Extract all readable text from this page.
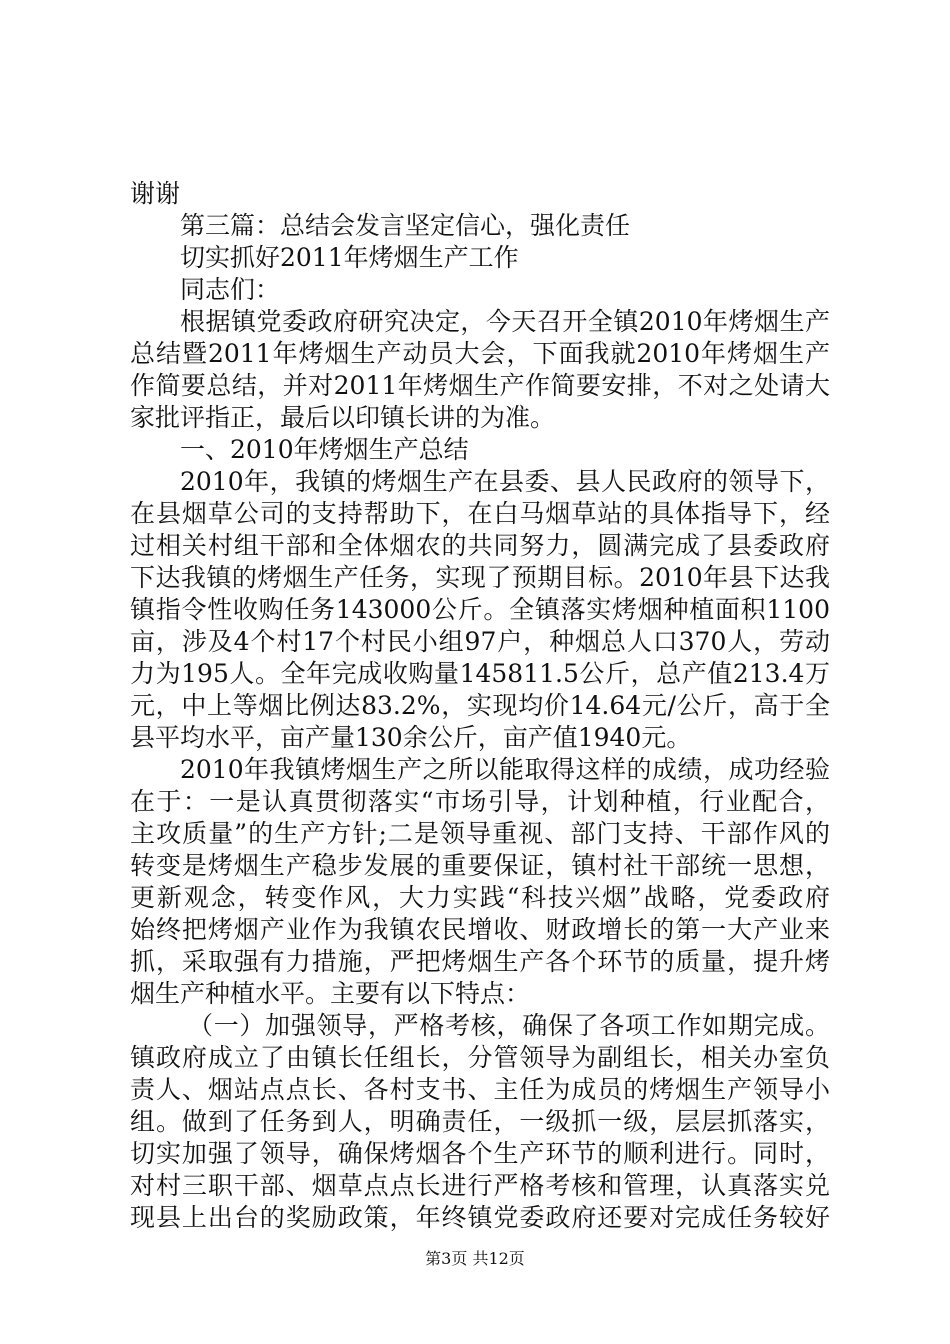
谢谢
第三篇：总结会发言坚定信心，强化责任
切实抓好2011年烤烟生产工作
同志们：
根据镇党委政府研究决定，今天召开全镇2010年烤烟生产
总结暨2011年烤烟生产动员大会，下面我就2010年烤烟生产
作简要总结，并对2011年烤烟生产作简要安排，不对之处请大
家批评指正，最后以印镇长讲的为准。
一、2010年烤烟生产总结
2010年，我镇的烤烟生产在县委、县人民政府的领导下，
在县烟草公司的支持帮助下，在白马烟草站的具体指导下，经
过相关村组干部和全体烟农的共同努力，圆满完成了县委政府
下达我镇的烤烟生产任务，实现了预期目标。2010年县下达我
镇指令性收购任务143000公斤。全镇落实烤烟种植面积1100
亩，涉及4个村17个村民小组97户，种烟总人口370人，劳动
力为195人。全年完成收购量145811.5公斤，总产值213.4万
元，中上等烟比例达83.2%，实现均价14.64元/公斤，高于全
县平均水平，亩产量130余公斤，亩产值1940元。
2010年我镇烤烟生产之所以能取得这样的成绩，成功经验
在于：一是认真贯彻落实“市场引导，计划种植，行业配合，
主攻质量”的生产方针;二是领导重视、部门支持、干部作风的
转变是烤烟生产稳步发展的重要保证，镇村社干部统一思想，
更新观念，转变作风，大力实践“科技兴烟”战略，党委政府
始终把烤烟产业作为我镇农民增收、财政增长的第一大产业来
抓，采取强有力措施，严把烤烟生产各个环节的质量，提升烤
烟生产种植水平。主要有以下特点：
（一）加强领导，严格考核，确保了各项工作如期完成。
镇政府成立了由镇长任组长，分管领导为副组长，相关办室负
责人、烟站点点长、各村支书、主任为成员的烤烟生产领导小
组。做到了任务到人，明确责任，一级抓一级，层层抓落实，
切实加强了领导，确保烤烟各个生产环节的顺利进行。同时，
对村三职干部、烟草点点长进行严格考核和管理，认真落实兑
现县上出台的奖励政策，年终镇党委政府还要对完成任务较好
第3页 共12页
